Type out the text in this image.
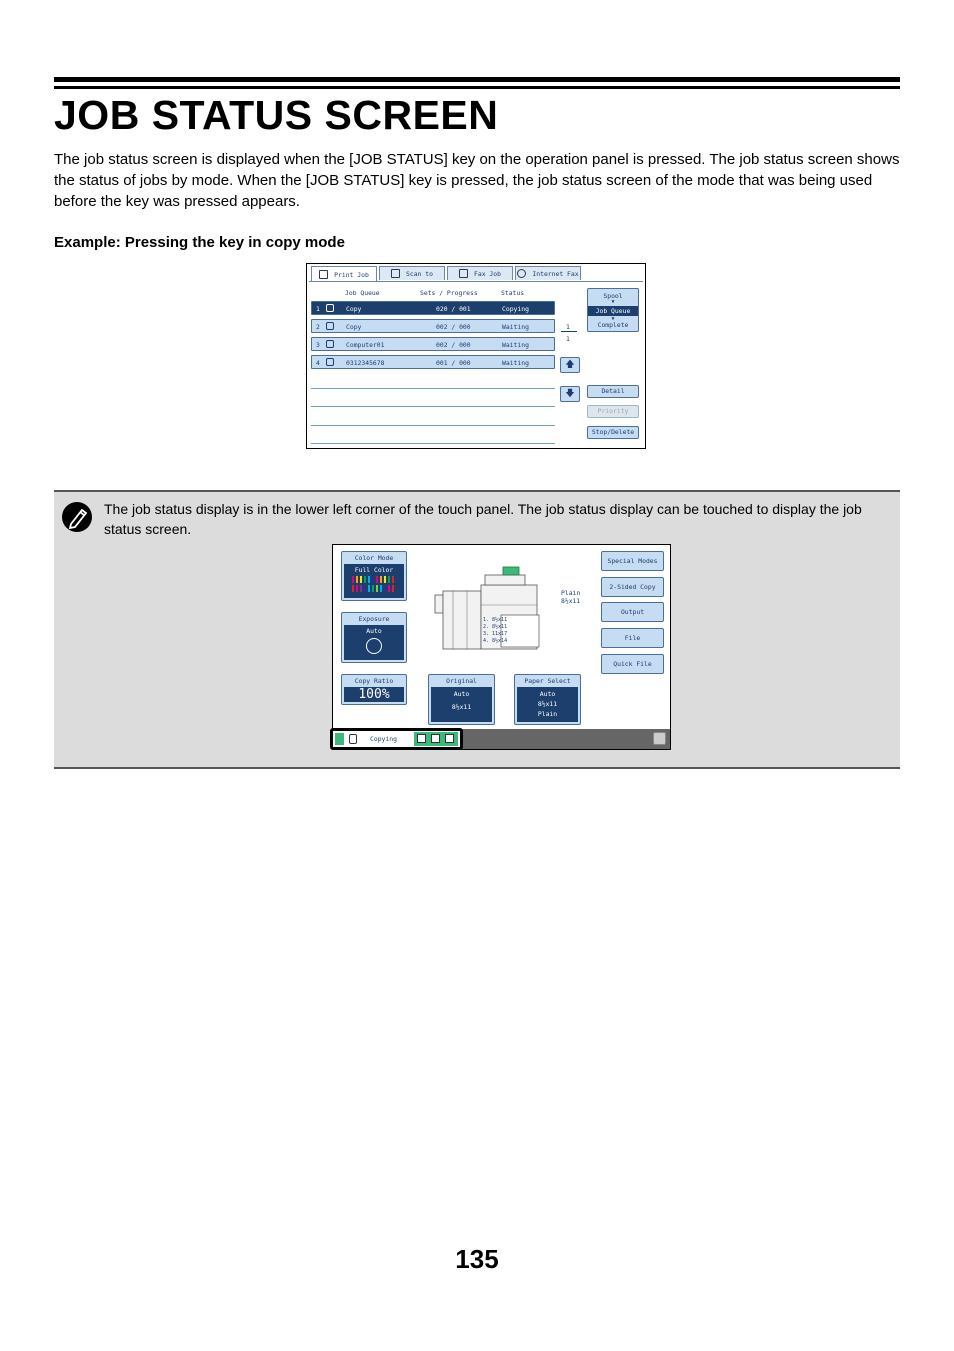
JOB STATUS SCREEN

The job status screen is displayed when the [JOB STATUS] key on the operation panel is pressed. The job status screen shows the status of jobs by mode. When the [JOB STATUS] key is pressed, the job status screen of the mode that was being used before the key was pressed appears.

Example: Pressing the key in copy mode

Print Job	Scan to	Fax Job	Internet Fax
Job Queue	Sets / Progress	Status
1	Copy	020 / 001	Copying
2	Copy	002 / 000	Waiting
3	Computer01	002 / 000	Waiting
4	0312345678	001 / 000	Waiting
1
1
🡅
🡇
Spool
▼
Job Queue
▼
Complete
Detail
Priority
Stop/Delete

The job status display is in the lower left corner of the touch panel. The job status display can be touched to display the job status screen.

Color Mode
Full Color
Exposure
Auto
Copy Ratio
100%
Original
Auto
8½x11
Paper Select
Auto
8½x11
Plain
1. 8½x11
2. 8½x11
3. 11x17
4. 8½x14
Plain
8½x11
Special Modes
2-Sided Copy
Output
File
Quick File
Copying
135
